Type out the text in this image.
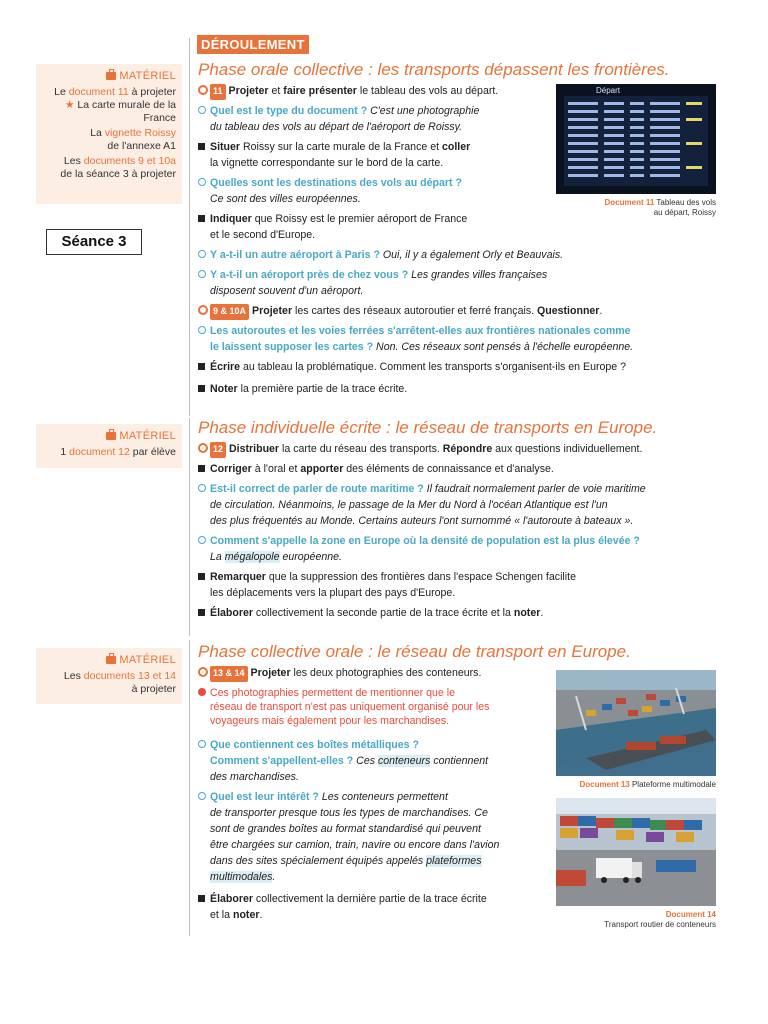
DÉROULEMENT
MATÉRIEL
Le document 11 à projeter
★ La carte murale de la
France
La vignette Roissy
de l'annexe A1
Les documents 9 et 10a
de la séance 3 à projeter
Séance 3
MATÉRIEL
1 document 12 par élève
MATÉRIEL
Les documents 13 et 14
à projeter
Phase orale collective : les transports dépassent les frontières.
11 Projeter et faire présenter le tableau des vols au départ.
Quel est le type du document ? C'est une photographie
du tableau des vols au départ de l'aéroport de Roissy.
Situer Roissy sur la carte murale de la France et coller
la vignette correspondante sur le bord de la carte.
Quelles sont les destinations des vols au départ ?
Ce sont des villes européennes.
Indiquer que Roissy est le premier aéroport de France
et le second d'Europe.
Y a-t-il un autre aéroport à Paris ? Oui, il y a également Orly et Beauvais.
Y a-t-il un aéroport près de chez vous ? Les grandes villes françaises
disposent souvent d'un aéroport.
9 & 10A Projeter les cartes des réseaux autoroutier et ferré français. Questionner.
Les autoroutes et les voies ferrées s'arrêtent-elles aux frontières nationales comme
le laissent supposer les cartes ? Non. Ces réseaux sont pensés à l'échelle européenne.
Écrire au tableau la problématique. Comment les transports s'organisent-ils en Europe ?
Noter la première partie de la trace écrite.
Départ
Document 11 Tableau des vols
au départ, Roissy
Phase individuelle écrite : le réseau de transports en Europe.
12 Distribuer la carte du réseau des transports. Répondre aux questions individuellement.
Corriger à l'oral et apporter des éléments de connaissance et d'analyse.
Est-il correct de parler de route maritime ? Il faudrait normalement parler de voie maritime
de circulation. Néanmoins, le passage de la Mer du Nord à l'océan Atlantique est l'un
des plus fréquentés au Monde. Certains auteurs l'ont surnommé « l'autoroute à bateaux ».
Comment s'appelle la zone en Europe où la densité de population est la plus élevée ?
La mégalopole européenne.
Remarquer que la suppression des frontières dans l'espace Schengen facilite
les déplacements vers la plupart des pays d'Europe.
Élaborer collectivement la seconde partie de la trace écrite et la noter.
Phase collective orale : le réseau de transport en Europe.
13 & 14 Projeter les deux photographies des conteneurs.
Ces photographies permettent de mentionner que le
réseau de transport n'est pas uniquement organisé pour les
voyageurs mais également pour les marchandises.
Que contiennent ces boîtes métalliques ?
Comment s'appellent-elles ? Ces conteneurs contiennent
des marchandises.
Quel est leur intérêt ? Les conteneurs permettent
de transporter presque tous les types de marchandises. Ce
sont de grandes boîtes au format standardisé qui peuvent
être chargées sur camion, train, navire ou encore dans l'avion
dans des sites spécialement équipés appelés plateformes
multimodales.
Élaborer collectivement la dernière partie de la trace écrite
et la noter.
Document 13 Plateforme multimodale
Document 14
Transport routier de conteneurs
